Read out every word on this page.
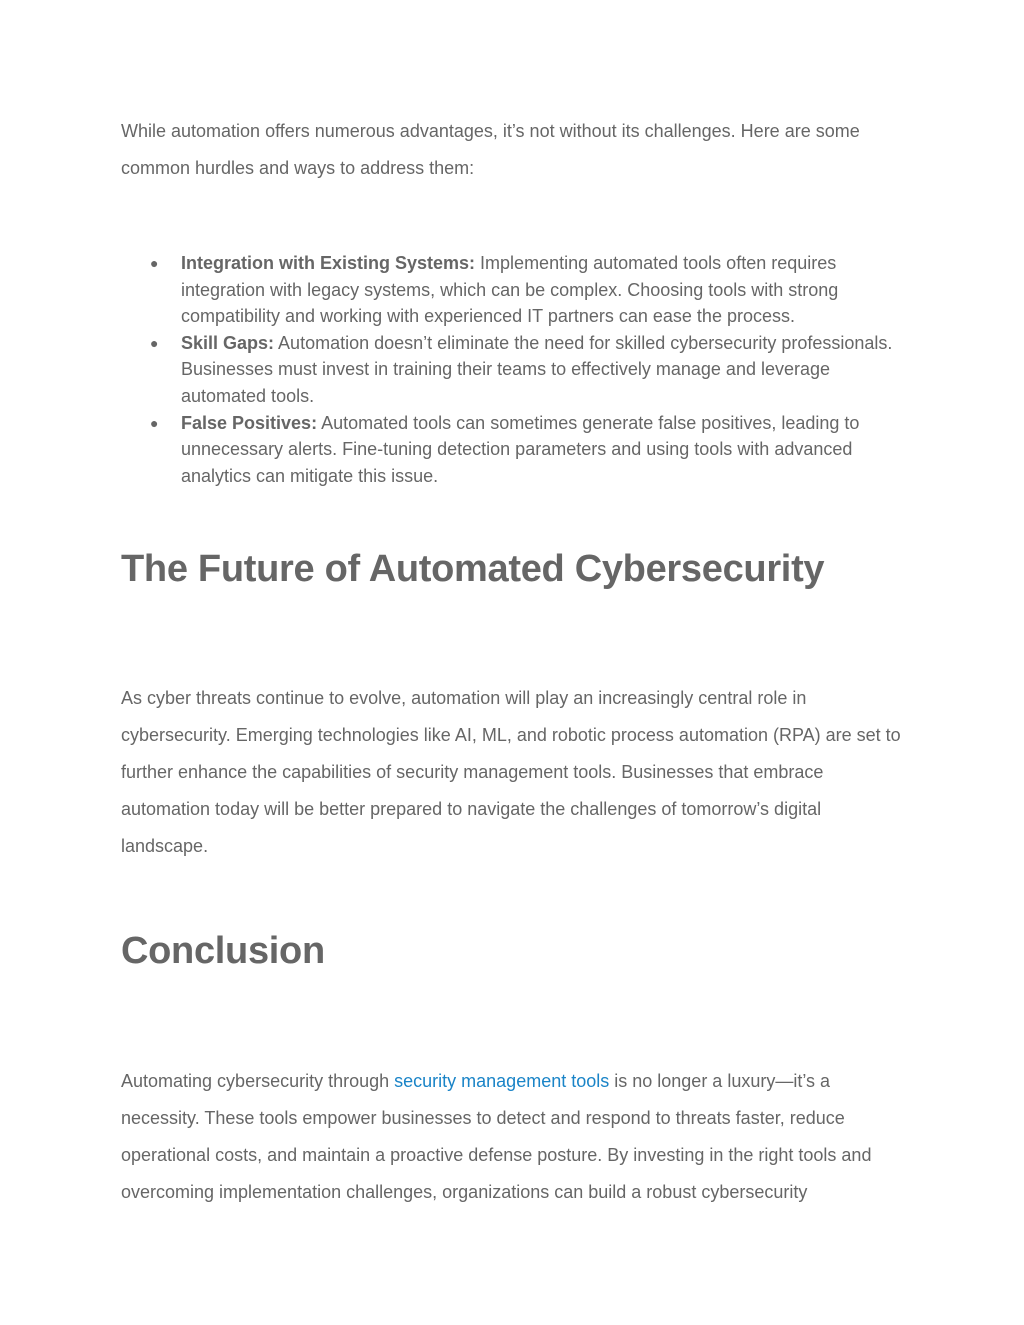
While automation offers numerous advantages, it’s not without its challenges. Here are some common hurdles and ways to address them:

● Integration with Existing Systems: Implementing automated tools often requires integration with legacy systems, which can be complex. Choosing tools with strong compatibility and working with experienced IT partners can ease the process.
● Skill Gaps: Automation doesn’t eliminate the need for skilled cybersecurity professionals. Businesses must invest in training their teams to effectively manage and leverage automated tools.
● False Positives: Automated tools can sometimes generate false positives, leading to unnecessary alerts. Fine-tuning detection parameters and using tools with advanced analytics can mitigate this issue.
The Future of Automated Cybersecurity

As cyber threats continue to evolve, automation will play an increasingly central role in cybersecurity. Emerging technologies like AI, ML, and robotic process automation (RPA) are set to further enhance the capabilities of security management tools. Businesses that embrace automation today will be better prepared to navigate the challenges of tomorrow’s digital landscape.

Conclusion

Automating cybersecurity through security management tools is no longer a luxury—it’s a necessity. These tools empower businesses to detect and respond to threats faster, reduce operational costs, and maintain a proactive defense posture. By investing in the right tools and overcoming implementation challenges, organizations can build a robust cybersecurity
